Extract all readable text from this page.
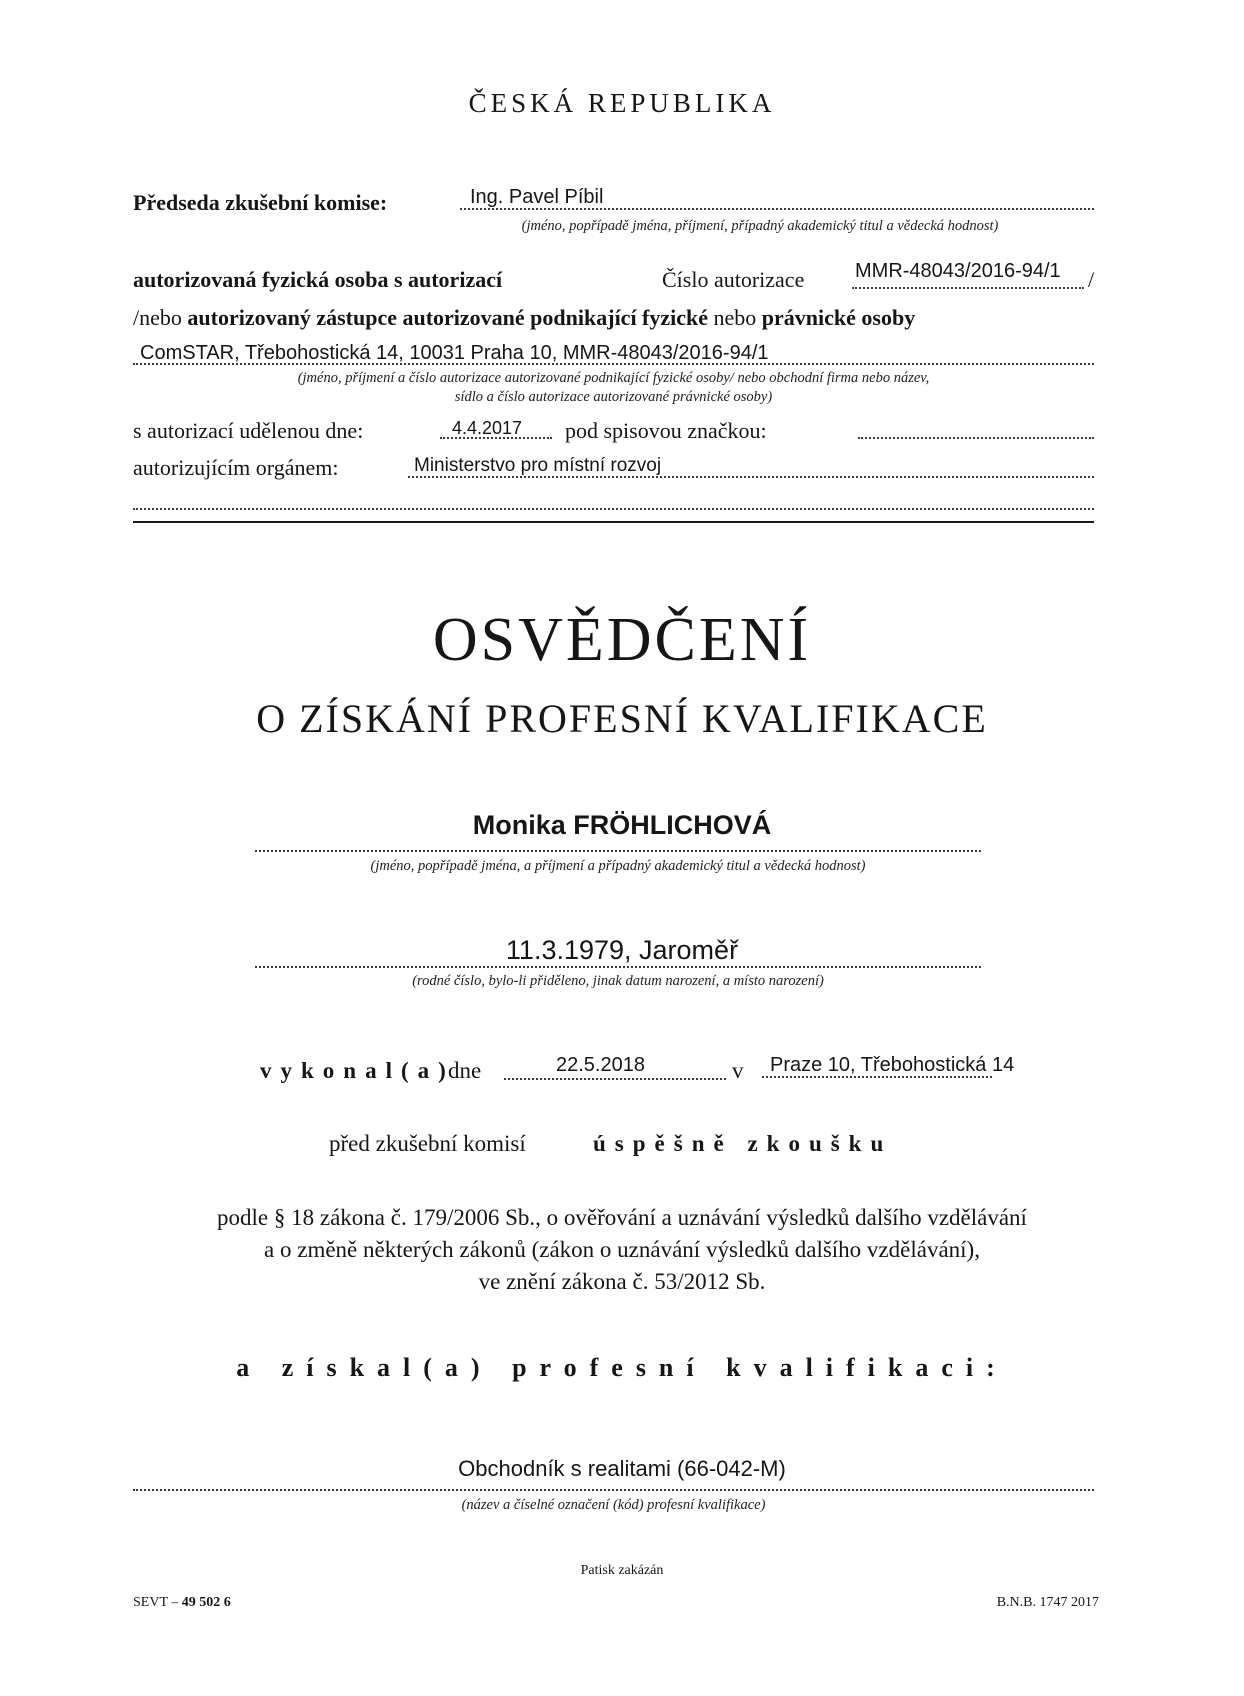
ČESKÁ REPUBLIKA
Předseda zkušební komise:	Ing. Pavel Píbil
(jméno, popřípadě jména, příjmení, případný akademický titul a vědecká hodnost)
autorizovaná fyzická osoba s autorizací	Číslo autorizace	MMR-48043/2016-94/1 /
/nebo autorizovaný zástupce autorizované podnikající fyzické nebo právnické osoby
ComSTAR, Třebohostická 14, 10031 Praha 10, MMR-48043/2016-94/1
(jméno, příjmení a číslo autorizace autorizované podnikající fyzické osoby/ nebo obchodní firma nebo název,
sídlo a číslo autorizace autorizované právnické osoby)
s autorizací udělenou dne:	4.4.2017 pod spisovou značkou:
autorizujícím orgánem:	Ministerstvo pro místní rozvoj
OSVĚDČENÍ
O ZÍSKÁNÍ PROFESNÍ KVALIFIKACE
Monika FRÖHLICHOVÁ
(jméno, popřípadě jména, a příjmení a případný akademický titul a vědecká hodnost)
11.3.1979, Jaroměř
(rodné číslo, bylo-li přiděleno, jinak datum narození, a místo narození)
vykonal(a)
dne	22.5.2018	v Praze 10, Třebohostická 14
před zkušební komisí	úspěšně zkoušku
podle § 18 zákona č. 179/2006 Sb., o ověřování a uznávání výsledků dalšího vzdělávání
a o změně některých zákonů (zákon o uznávání výsledků dalšího vzdělávání),
ve znění zákona č. 53/2012 Sb.
a získal(a) profesní kvalifikaci:
Obchodník s realitami (66-042-M)
(název a číselné označení (kód) profesní kvalifikace)
Patisk zakázán
SEVT – 49 502 6	B.N.B. 1747 2017
